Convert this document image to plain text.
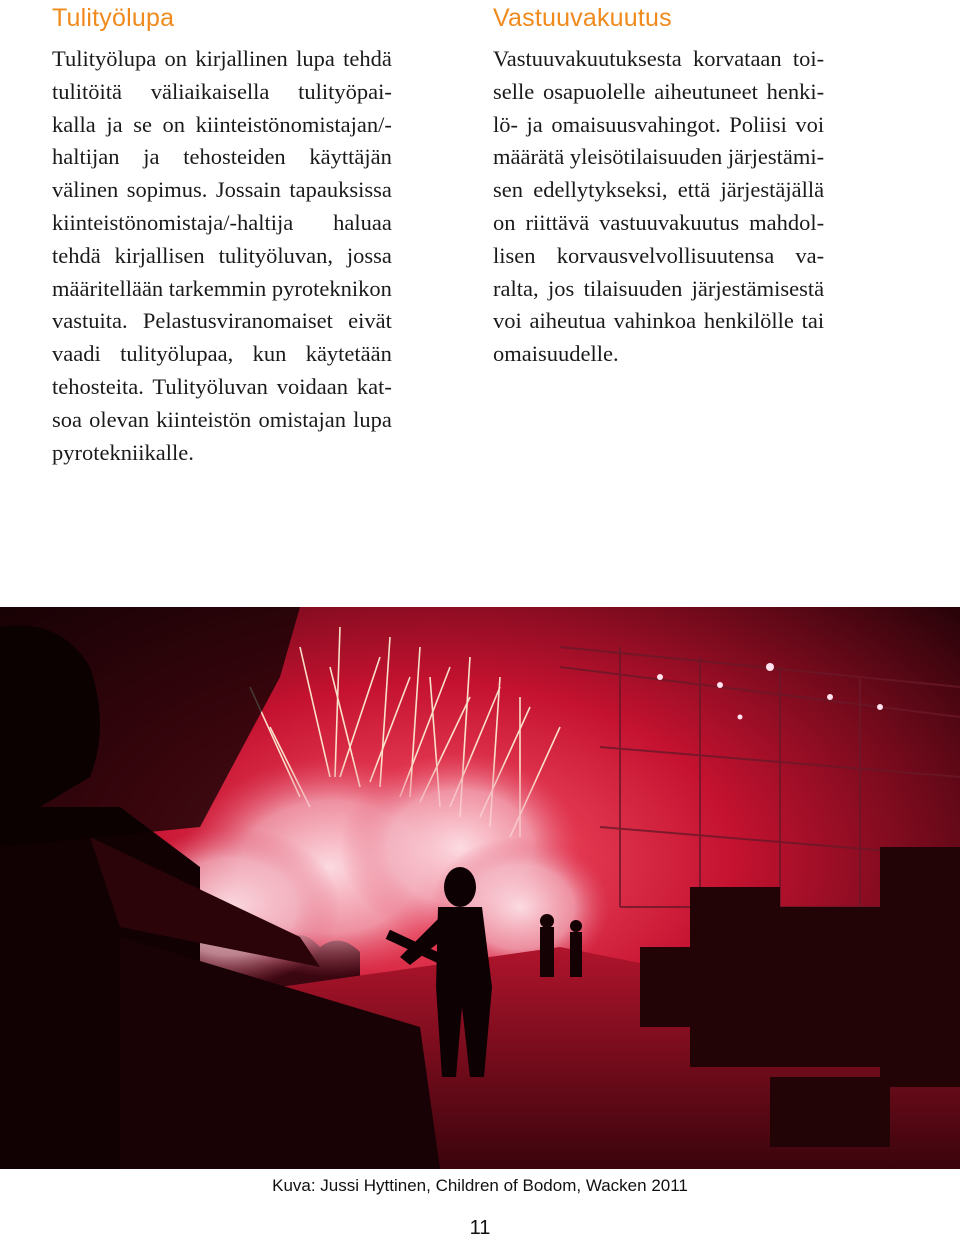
Tulityölupa

Tulityölupa on kirjallinen lupa tehdä
tulitöitä väliaikaisella tulityöpai-
kalla ja se on kiinteistönomistajan/-
haltijan ja tehosteiden käyttäjän
välinen sopimus. Jossain tapauksissa
kiinteistönomistaja/-haltija haluaa
tehdä kirjallisen tulityöluvan, jossa
määritellään tarkemmin pyroteknikon
vastuita. Pelastusviranomaiset eivät
vaadi tulityölupaa, kun käytetään
tehosteita. Tulityöluvan voidaan kat-
soa olevan kiinteistön omistajan lupa
pyrotekniikalle.

Vastuuvakuutus

Vastuuvakuutuksesta korvataan toi-
selle osapuolelle aiheutuneet henki-
lö- ja omaisuusvahingot. Poliisi voi
määrätä yleisötilaisuuden järjestämi-
sen edellytykseksi, että järjestäjällä
on riittävä vastuuvakuutus mahdol-
lisen korvausvelvollisuutensa va-
ralta, jos tilaisuuden järjestämisestä
voi aiheutua vahinkoa henkilölle tai
omaisuudelle.

Kuva: Jussi Hyttinen, Children of Bodom, Wacken 2011
11
